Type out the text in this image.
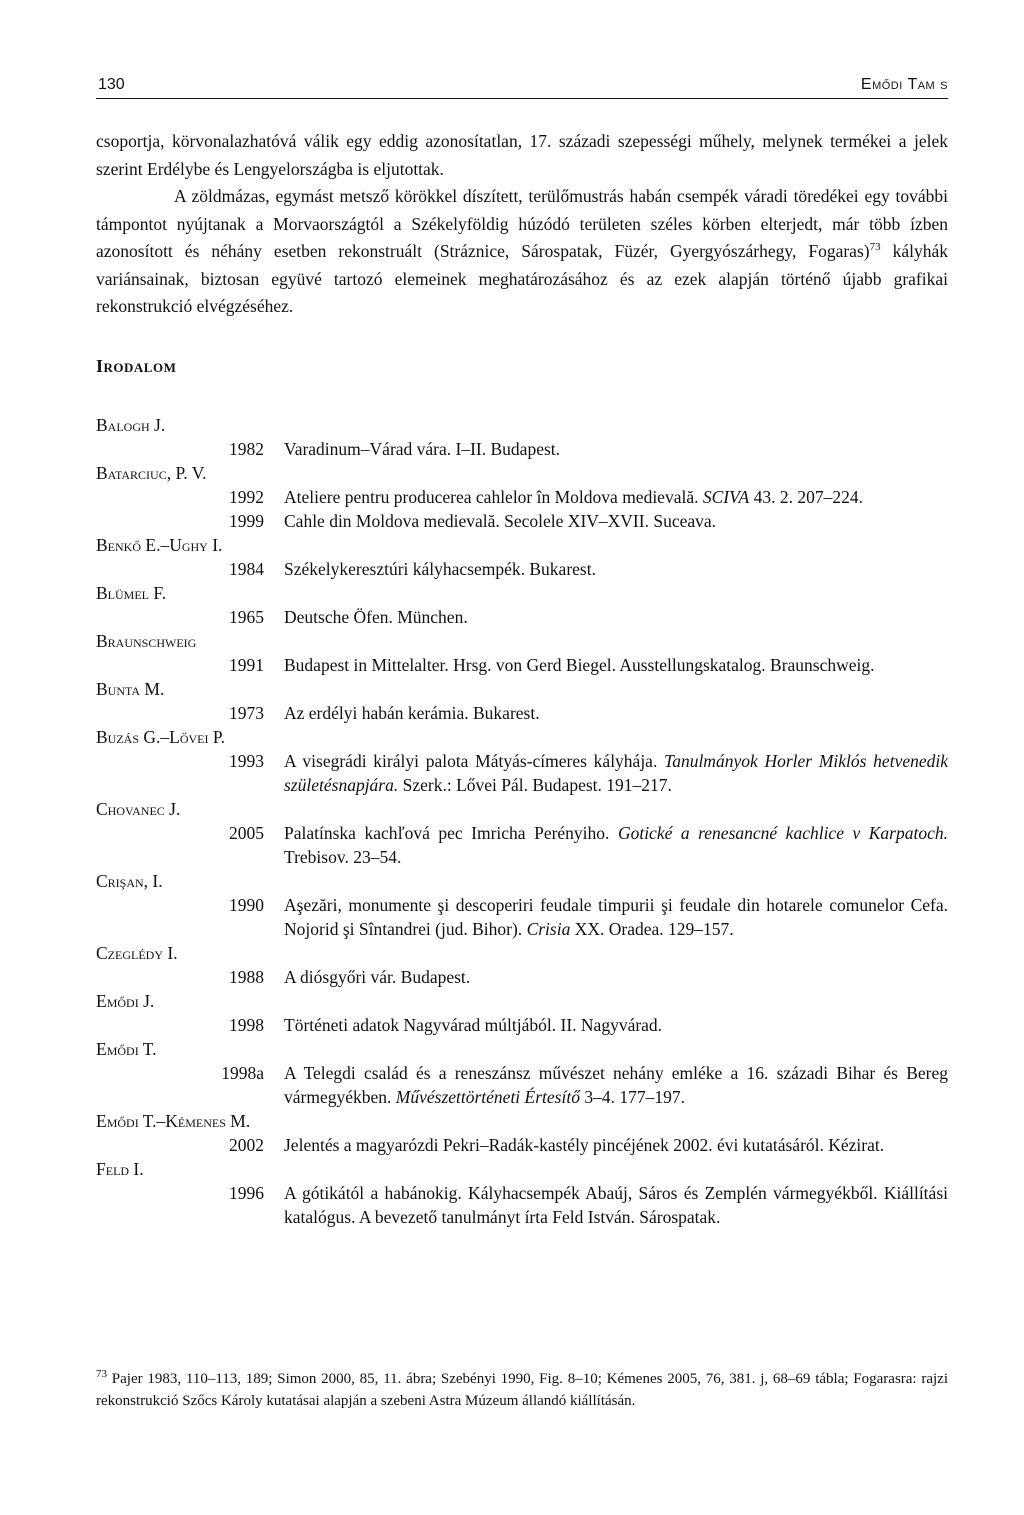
130	Emődi Tam s
csoportja, körvonalazhatóvá válik egy eddig azonosítatlan, 17. századi szepességi műhely, melynek termékei a jelek szerint Erdélybe és Lengyelországba is eljutottak.
A zöldmázas, egymást metsző körökkel díszített, terülőmustrás habán csempék váradi töredékei egy további támpontot nyújtanak a Morvaországtól a Székelyföldig húzódó területen széles körben elterjedt, már több ízben azonosított és néhány esetben rekonstruált (Stráznice, Sárospatak, Füzér, Gyergyószárhegy, Fogaras)$^{73}$ kályhák variánsainak, biztosan együvé tartozó elemeinek meghatározásához és az ezek alapján történő újabb grafikai rekonstrukció elvégzéséhez.
Irodalom
Balogh J.
1982 Varadinum–Várad vára. I–II. Budapest.
Batarciuc, P. V.
1992 Ateliere pentru producerea cahlelor în Moldova medievală. SCIVA 43. 2. 207–224.
1999 Cahle din Moldova medievală. Secolele XIV–XVII. Suceava.
Benkő E.–Ughy I.
1984 Székelykeresztúri kályhacsempék. Bukarest.
Blümel F.
1965 Deutsche Öfen. München.
Braunschweig
1991 Budapest in Mittelalter. Hrsg. von Gerd Biegel. Ausstellungskatalog. Braunschweig.
Bunta M.
1973 Az erdélyi habán kerámia. Bukarest.
Buzás G.–Lővei P.
1993 A visegrádi királyi palota Mátyás-címeres kályhája. Tanulmányok Horler Miklós hetvenedik születésnapjára. Szerk.: Lővei Pál. Budapest. 191–217.
Chovanec J.
2005 Palatínska kachľová pec Imricha Perényiho. Gotické a renesancné kachlice v Karpatoch. Trebisov. 23–54.
Crişan, I.
1990 Aşezări, monumente şi descoperiri feudale timpurii şi feudale din hotarele comunelor Cefa. Nojorid şi Sîntandrei (jud. Bihor). Crisia XX. Oradea. 129–157.
Czeglédy I.
1988 A diósgyőri vár. Budapest.
Emődi J.
1998 Történeti adatok Nagyvárad múltjából. II. Nagyvárad.
Emődi T.
1998a A Telegdi család és a reneszánsz művészet nehány emléke a 16. századi Bihar és Bereg vármegyékben. Művészettörténeti Értesítő 3–4. 177–197.
Emődi T.–Kémenes M.
2002 Jelentés a magyarózdi Pekri–Radák-kastély pincéjének 2002. évi kutatásáról. Kézirat.
Feld I.
1996 A gótikától a habánokig. Kályhacsempék Abaúj, Sáros és Zemplén vármegyékből. Kiállítási katalógus. A bevezető tanulmányt írta Feld István. Sárospatak.
$^{73}$ Pajer 1983, 110–113, 189; Simon 2000, 85, 11. ábra; Szebényi 1990, Fig. 8–10; Kémenes 2005, 76, 381. j, 68–69 tábla; Fogarasra: rajzi rekonstrukció Szőcs Károly kutatásai alapján a szebeni Astra Múzeum állandó kiállításán.
